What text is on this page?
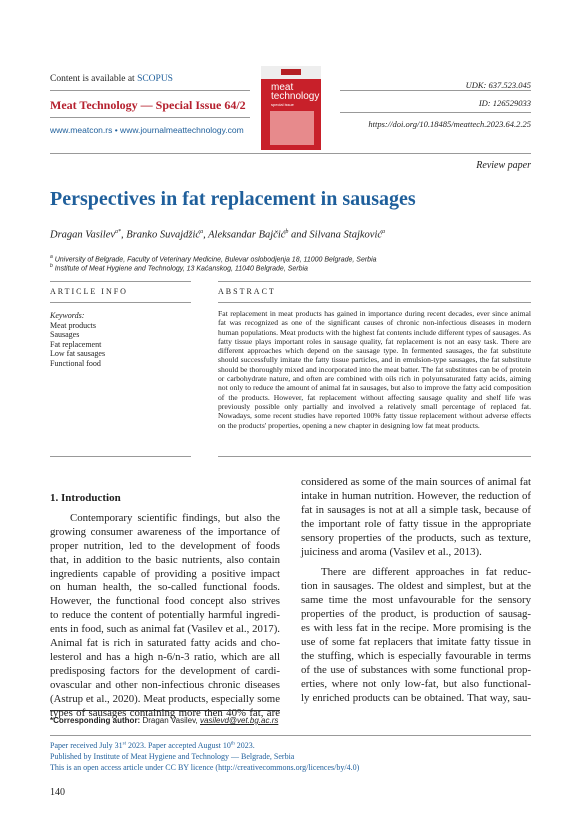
Content is available at SCOPUS
Meat Technology — Special Issue 64/2
www.meatcon.rs • www.journalmeattechnology.com
meat technology
special issue
UDK: 637.523.045
ID: 126529033
https://doi.org/10.18485/meattech.2023.64.2.25
Review paper
Perspectives in fat replacement in sausages
Dragan Vasilev$^{a*}$, Branko Suvajdžić$^a$, Aleksandar Bajčić$^b$ and Silvana Stajković$^a$
$^a$ University of Belgrade, Faculty of Veterinary Medicine, Bulevar oslobodjenja 18, 11000 Belgrade, Serbia
$^b$ Institute of Meat Hygiene and Technology, 13 Kaćanskog, 11040 Belgrade, Serbia
ARTICLE INFO	ABSTRACT
Keywords:
Meat products
Sausages
Fat replacement
Low fat sausages
Functional food
Fat replacement in meat products has gained in importance during recent decades, ever since animal fat was recognized as one of the significant causes of chronic non-infectious diseases in modern human populations. Meat products with the highest fat contents include different types of sausages. As fatty tissue plays important roles in sausage quality, fat replacement is not an easy task. There are different approaches which depend on the sausage type. In fermented sausages, the fat substitute should successfully imitate the fatty tissue particles, and in emulsion-type sausages, the fat substitute should be thoroughly mixed and incorporated into the meat batter. The fat substitutes can be of protein or carbohydrate nature, and often are combined with oils rich in polyunsaturated fatty acids, aiming not only to reduce the amount of animal fat in sausages, but also to improve the fatty acid composition of the products. However, fat replacement without affecting sausage quality and shelf life was previously possible only partially and involved a relatively small percentage of replaced fat. Nowadays, some recent studies have reported 100% fatty tissue replacement without adverse effects on the products' properties, opening a new chapter in designing low fat meat products.
1. Introduction
Contemporary scientific findings, but also the
growing consumer awareness of the importance of
proper nutrition, led to the development of foods
that, in addition to the basic nutrients, also contain
ingredients capable of providing a positive impact
on human health, the so-called functional foods.
However, the functional food concept also strives
to reduce the content of potentially harmful ingredi-
ents in food, such as animal fat (Vasilev et al., 2017).
Animal fat is rich in saturated fatty acids and cho-
lesterol and has a high n-6/n-3 ratio, which are all
predisposing factors for the development of cardi-
ovascular and other non-infectious chronic diseases
(Astrup et al., 2020). Meat products, especially some
types of sausages containing more then 40% fat, are
considered as some of the main sources of animal fat
intake in human nutrition. However, the reduction of
fat in sausages is not at all a simple task, because of
the important role of fatty tissue in the appropriate
sensory properties of the products, such as texture,
juiciness and aroma (Vasilev et al., 2013).
There are different approaches in fat reduc-
tion in sausages. The oldest and simplest, but at the
same time the most unfavourable for the sensory
properties of the product, is production of sausag-
es with less fat in the recipe. More promising is the
use of some fat replacers that imitate fatty tissue in
the stuffing, which is especially favourable in terms
of the use of substances with some functional prop-
erties, where not only low-fat, but also functional-
ly enriched products can be obtained. That way, sau-
*Corresponding author: Dragan Vasilev, vasilevd@vet.bg.ac.rs
Paper received July 31st 2023. Paper accepted August 10th 2023.
Published by Institute of Meat Hygiene and Technology — Belgrade, Serbia
This is an open access article under CC BY licence (http://creativecommons.org/licences/by/4.0)
140
